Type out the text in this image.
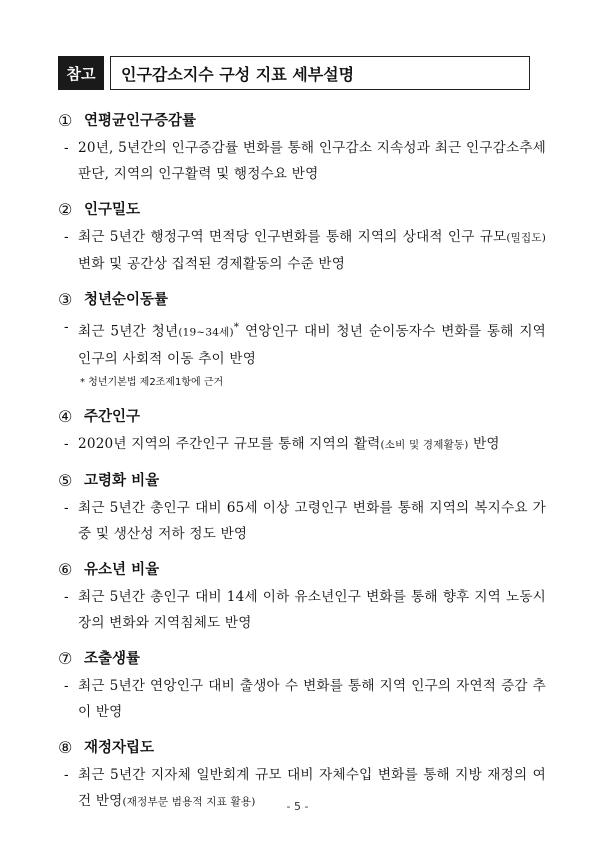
참고	인구감소지수 구성 지표 세부설명
① 연평균인구증감률
- 20년, 5년간의 인구증감률 변화를 통해 인구감소 지속성과 최근 인구감소추세 판단, 지역의 인구활력 및 행정수요 반영
② 인구밀도
- 최근 5년간 행정구역 면적당 인구변화를 통해 지역의 상대적 인구 규모(밀집도) 변화 및 공간상 집적된 경제활동의 수준 반영
③ 청년순이동률
- 최근 5년간 청년(19~34세)* 연앙인구 대비 청년 순이동자수 변화를 통해 지역 인구의 사회적 이동 추이 반영
* 청년기본법 제2조제1항에 근거
④ 주간인구
- 2020년 지역의 주간인구 규모를 통해 지역의 활력(소비 및 경제활동) 반영
⑤ 고령화 비율
- 최근 5년간 총인구 대비 65세 이상 고령인구 변화를 통해 지역의 복지수요 가중 및 생산성 저하 정도 반영
⑥ 유소년 비율
- 최근 5년간 총인구 대비 14세 이하 유소년인구 변화를 통해 향후 지역 노동시장의 변화와 지역침체도 반영
⑦ 조출생률
- 최근 5년간 연앙인구 대비 출생아 수 변화를 통해 지역 인구의 자연적 증감 추이 반영
⑧ 재정자립도
- 최근 5년간 지자체 일반회계 규모 대비 자체수입 변화를 통해 지방 재정의 여건 반영(재정부문 범용적 지표 활용)	- 5 -
